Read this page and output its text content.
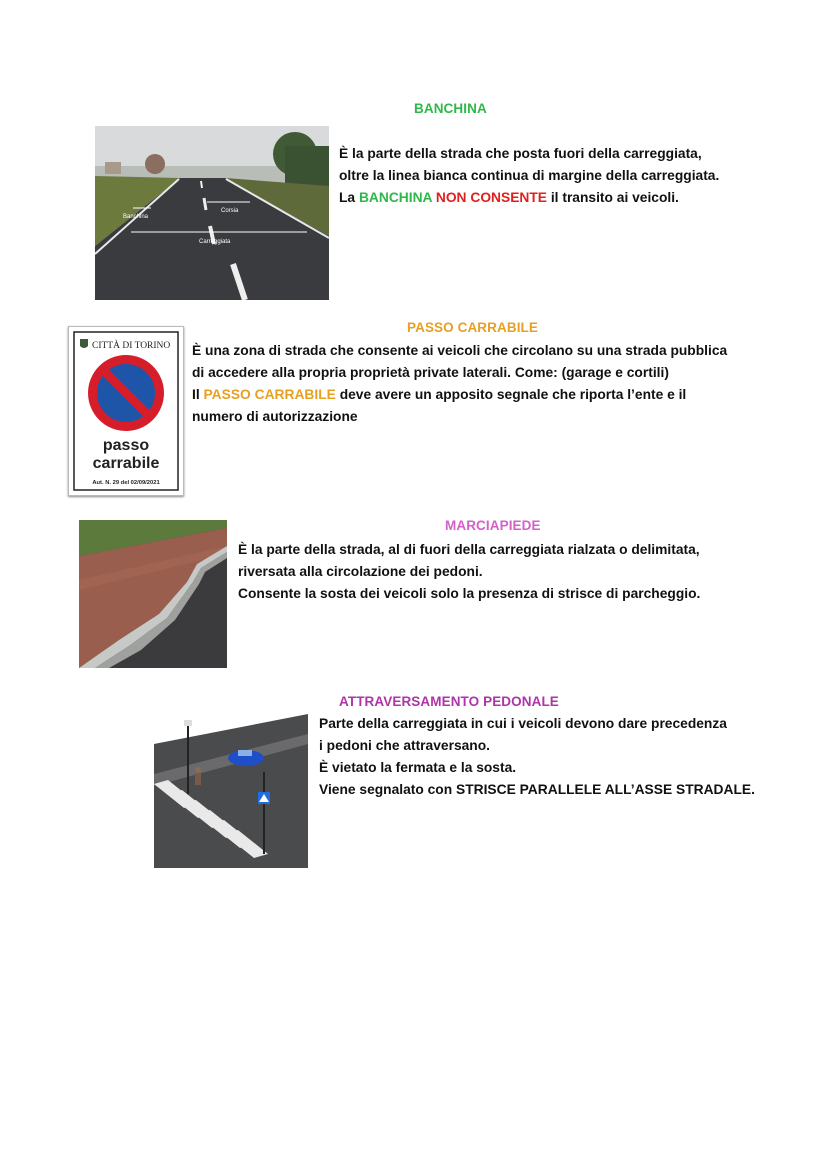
BANCHINA
Corsia
Banchina
Carreggiata
È la parte della strada che posta fuori della carreggiata,
oltre la linea bianca continua di margine della carreggiata.
La BANCHINA NON CONSENTE il transito ai veicoli.
PASSO CARRABILE
CITTÀ DI TORINO
passo
carrabile
Aut. N. 29 del 02/09/2021
È una zona di strada che consente ai veicoli che circolano su una strada pubblica
di accedere alla propria proprietà private laterali. Come: (garage e cortili)
Il PASSO CARRABILE deve avere un apposito segnale che riporta l’ente e il
numero di autorizzazione
MARCIAPIEDE
È la parte della strada, al di fuori della carreggiata rialzata o delimitata,
riversata alla circolazione dei pedoni.
Consente la sosta dei veicoli solo la presenza di strisce di parcheggio.
ATTRAVERSAMENTO PEDONALE
Parte della carreggiata in cui i veicoli devono dare precedenza
i pedoni che attraversano.
È vietato la fermata e la sosta.
Viene segnalato con STRISCE PARALLELE ALL’ASSE STRADALE.
